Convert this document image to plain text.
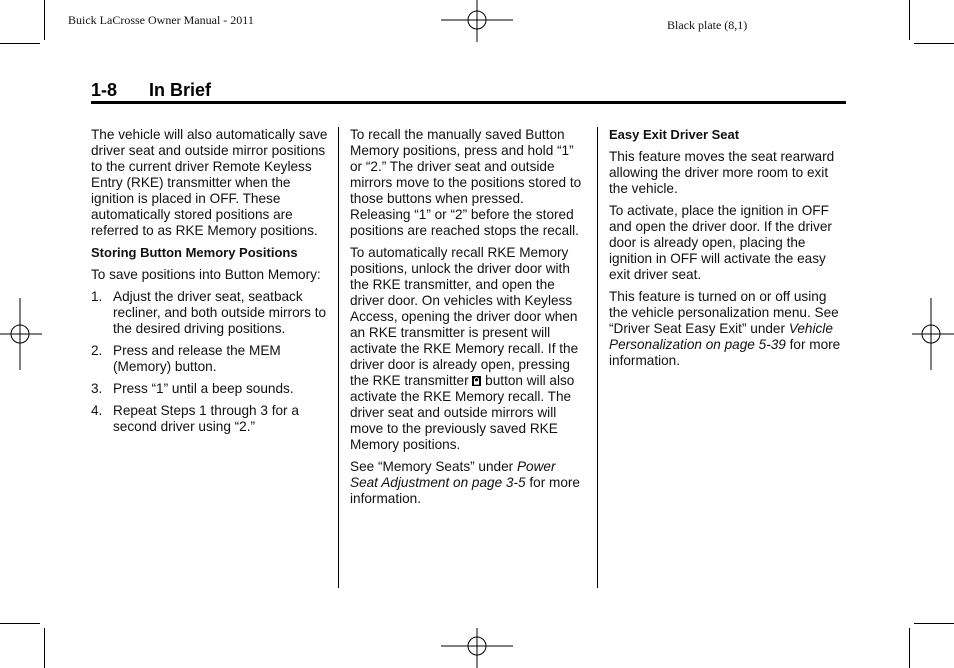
Buick LaCrosse Owner Manual - 2011	Black plate (8,1)
1-8 In Brief

The vehicle will also automatically save driver seat and outside mirror positions to the current driver Remote Keyless Entry (RKE) transmitter when the ignition is placed in OFF. These automatically stored positions are referred to as RKE Memory positions.

Storing Button Memory Positions

To save positions into Button Memory:

1. Adjust the driver seat, seatback recliner, and both outside mirrors to the desired driving positions.
2. Press and release the MEM (Memory) button.
3. Press “1” until a beep sounds.
4. Repeat Steps 1 through 3 for a second driver using “2.”

To recall the manually saved Button Memory positions, press and hold “1” or “2.” The driver seat and outside mirrors move to the positions stored to those buttons when pressed. Releasing “1” or “2” before the stored positions are reached stops the recall.

To automatically recall RKE Memory positions, unlock the driver door with the RKE transmitter, and open the driver door. On vehicles with Keyless Access, opening the driver door when an RKE transmitter is present will activate the RKE Memory recall. If the driver door is already open, pressing the RKE transmitter  button will also activate the RKE Memory recall. The driver seat and outside mirrors will move to the previously saved RKE Memory positions.

See “Memory Seats” under Power Seat Adjustment on page 3-5 for more information.

Easy Exit Driver Seat

This feature moves the seat rearward allowing the driver more room to exit the vehicle.

To activate, place the ignition in OFF and open the driver door. If the driver door is already open, placing the ignition in OFF will activate the easy exit driver seat.

This feature is turned on or off using the vehicle personalization menu. See “Driver Seat Easy Exit” under Vehicle Personalization on page 5-39 for more information.
